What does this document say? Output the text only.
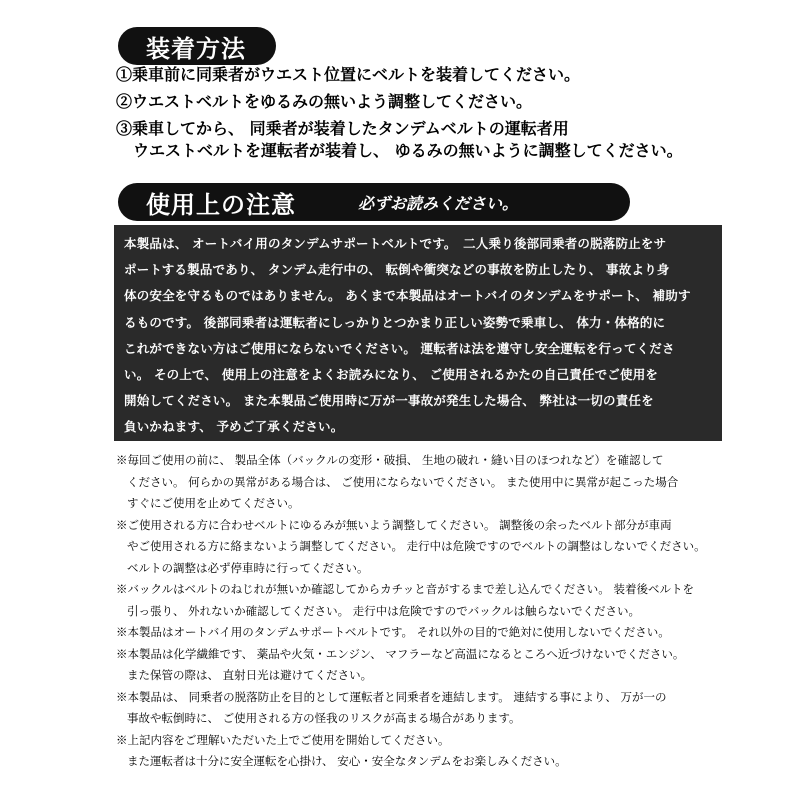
装着方法
①乗車前に同乗者がウエスト位置にベルトを装着してください。
②ウエストベルトをゆるみの無いよう調整してください。
③乗車してから、 同乗者が装着したタンデムベルトの運転者用
ウエストベルトを運転者が装着し、 ゆるみの無いように調整してください。
使用上の注意	必ずお読みください。
本製品は、 オートバイ用のタンデムサポートベルトです。　二人乗り後部同乗者の脱落防止をサ
ポートする製品であり、 タンデム走行中の、 転倒や衝突などの事故を防止したり、 事故より身
体の安全を守るものではありません。 あくまで本製品はオートバイのタンデムをサポート、 補助す
るものです。 後部同乗者は運転者にしっかりとつかまり正しい姿勢で乗車し、 体力・体格的に
これができない方はご使用にならないでください。 運転者は法を遵守し安全運転を行ってくださ
い。 その上で、 使用上の注意をよくお読みになり、 ご使用されるかたの自己責任でご使用を
開始してください。 また本製品ご使用時に万が一事故が発生した場合、 弊社は一切の責任を
負いかねます、 予めご了承ください。
※毎回ご使用の前に、 製品全体（バックルの変形・破損、 生地の破れ・縫い目のほつれなど）を確認して
ください。 何らかの異常がある場合は、 ご使用にならないでください。 また使用中に異常が起こった場合
すぐにご使用を止めてください。
※ご使用される方に合わせベルトにゆるみが無いよう調整してください。 調整後の余ったベルト部分が車両
やご使用される方に絡まないよう調整してください。 走行中は危険ですのでベルトの調整はしないでください。
ベルトの調整は必ず停車時に行ってください。
※バックルはベルトのねじれが無いか確認してからカチッと音がするまで差し込んでください。 装着後ベルトを
引っ張り、 外れないか確認してください。 走行中は危険ですのでバックルは触らないでください。
※本製品はオートバイ用のタンデムサポートベルトです。 それ以外の目的で絶対に使用しないでください。
※本製品は化学繊維です、 薬品や火気・エンジン、 マフラーなど高温になるところへ近づけないでください。
また保管の際は、 直射日光は避けてください。
※本製品は、 同乗者の脱落防止を目的として運転者と同乗者を連結します。 連結する事により、 万が一の
事故や転倒時に、 ご使用される方の怪我のリスクが高まる場合があります。
※上記内容をご理解いただいた上でご使用を開始してください。
また運転者は十分に安全運転を心掛け、 安心・安全なタンデムをお楽しみください。
